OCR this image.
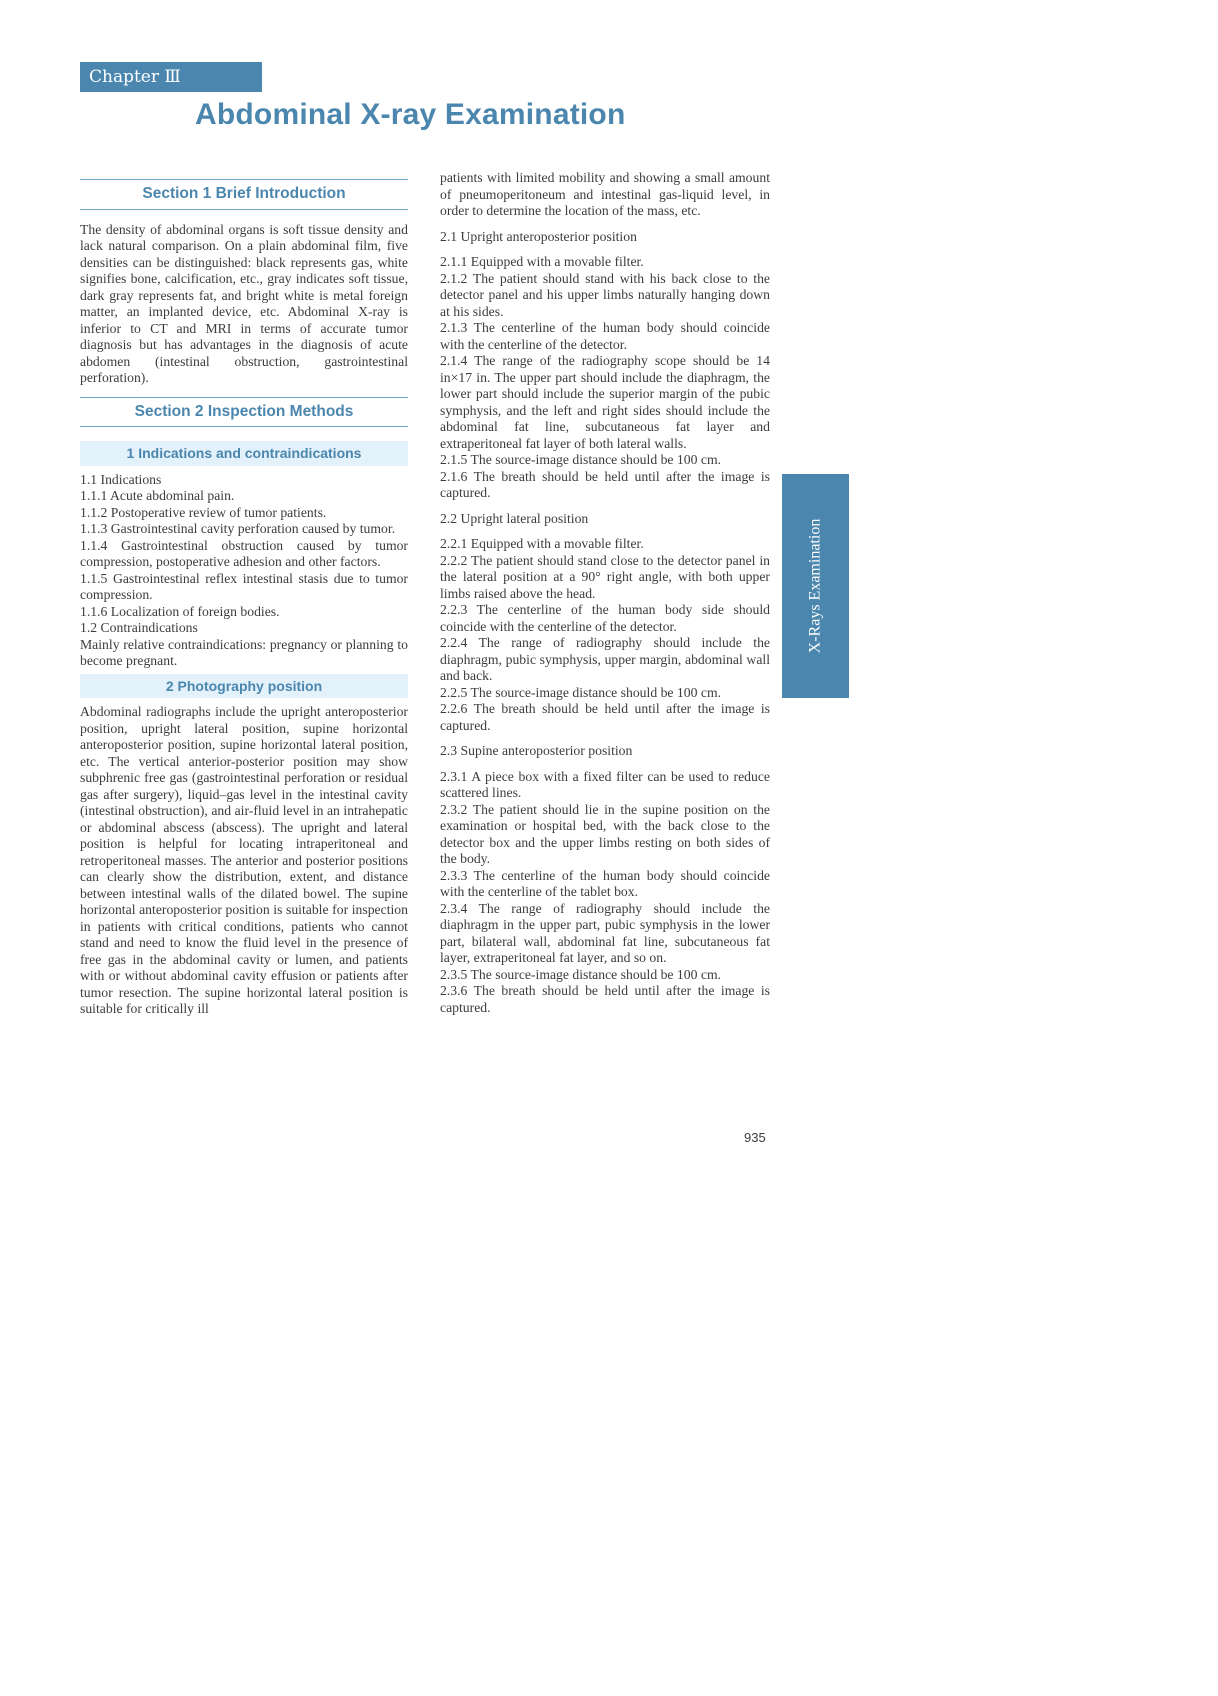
Chapter Ⅲ
Abdominal X-ray Examination
Section 1 Brief Introduction

The density of abdominal organs is soft tissue density and lack natural comparison. On a plain abdominal film, five densities can be distinguished: black represents gas, white signifies bone, calcification, etc., gray indicates soft tissue, dark gray represents fat, and bright white is metal foreign matter, an implanted device, etc. Abdominal X-ray is inferior to CT and MRI in terms of accurate tumor diagnosis but has advantages in the diagnosis of acute abdomen (intestinal obstruction, gastrointestinal perforation).

Section 2 Inspection Methods
1 Indications and contraindications

1.1 Indications

1.1.1 Acute abdominal pain.

1.1.2 Postoperative review of tumor patients.

1.1.3 Gastrointestinal cavity perforation caused by tumor.

1.1.4 Gastrointestinal obstruction caused by tumor compression, postoperative adhesion and other factors.

1.1.5 Gastrointestinal reflex intestinal stasis due to tumor compression.

1.1.6 Localization of foreign bodies.

1.2 Contraindications

Mainly relative contraindications: pregnancy or planning to become pregnant.

2 Photography position

Abdominal radiographs include the upright anteroposterior position, upright lateral position, supine horizontal anteroposterior position, supine horizontal lateral position, etc. The vertical anterior-posterior position may show subphrenic free gas (gastrointestinal perforation or residual gas after surgery), liquid–gas level in the intestinal cavity (intestinal obstruction), and air-fluid level in an intrahepatic or abdominal abscess (abscess). The upright and lateral position is helpful for locating intraperitoneal and retroperitoneal masses. The anterior and posterior positions can clearly show the distribution, extent, and distance between intestinal walls of the dilated bowel. The supine horizontal anteroposterior position is suitable for inspection in patients with critical conditions, patients who cannot stand and need to know the fluid level in the presence of free gas in the abdominal cavity or lumen, and patients with or without abdominal cavity effusion or patients after tumor resection. The supine horizontal lateral position is suitable for critically ill

patients with limited mobility and showing a small amount of pneumoperitoneum and intestinal gas-liquid level, in order to determine the location of the mass, etc.

2.1 Upright anteroposterior position

2.1.1 Equipped with a movable filter.

2.1.2 The patient should stand with his back close to the detector panel and his upper limbs naturally hanging down at his sides.

2.1.3 The centerline of the human body should coincide with the centerline of the detector.

2.1.4 The range of the radiography scope should be 14 in×17 in. The upper part should include the diaphragm, the lower part should include the superior margin of the pubic symphysis, and the left and right sides should include the abdominal fat line, subcutaneous fat layer and extraperitoneal fat layer of both lateral walls.

2.1.5 The source-image distance should be 100 cm.

2.1.6 The breath should be held until after the image is captured.

2.2 Upright lateral position

2.2.1 Equipped with a movable filter.

2.2.2 The patient should stand close to the detector panel in the lateral position at a 90° right angle, with both upper limbs raised above the head.

2.2.3 The centerline of the human body side should coincide with the centerline of the detector.

2.2.4 The range of radiography should include the diaphragm, pubic symphysis, upper margin, abdominal wall and back.

2.2.5 The source-image distance should be 100 cm.

2.2.6 The breath should be held until after the image is captured.

2.3 Supine anteroposterior position

2.3.1 A piece box with a fixed filter can be used to reduce scattered lines.

2.3.2 The patient should lie in the supine position on the examination or hospital bed, with the back close to the detector box and the upper limbs resting on both sides of the body.

2.3.3 The centerline of the human body should coincide with the centerline of the tablet box.

2.3.4 The range of radiography should include the diaphragm in the upper part, pubic symphysis in the lower part, bilateral wall, abdominal fat line, subcutaneous fat layer, extraperitoneal fat layer, and so on.

2.3.5 The source-image distance should be 100 cm.

2.3.6 The breath should be held until after the image is captured.

X-Rays Examination
935
